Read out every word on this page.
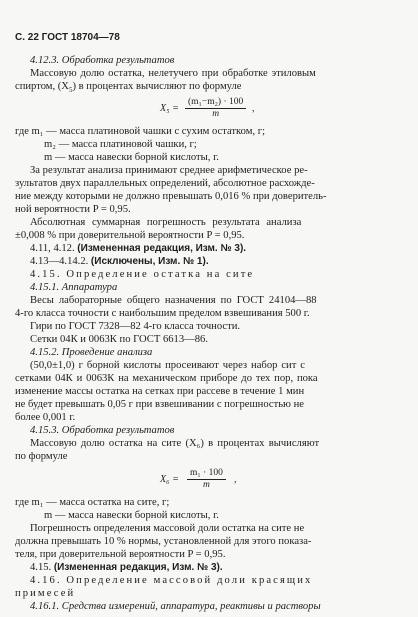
С. 22 ГОСТ 18704—78
4.12.3. Обработка результатов
Массовую долю остатка, нелетучего при обработке этиловым
спиртом, $(X_5)$ в процентах вычисляют по формуле
$X_5 = \frac{\text{(m₁−m₂) · 100}}{m}$ ,
где m₁ — масса платиновой чашки с сухим остатком, г;
m₂ — масса платиновой чашки, г;
m — масса навески борной кислоты, г.
За результат анализа принимают среднее арифметическое ре-
зультатов двух параллельных определений, абсолютное расхожде-
ние между которыми не должно превышать 0,016 % при доверитель-
ной вероятности P = 0,95.
Абсолютная суммарная погрешность результата анализа
±0,008 % при доверительной вероятности P = 0,95.
4.11, 4.12. (Измененная редакция, Изм. № 3).
4.13—4.14.2. (Исключены, Изм. № 1).
4.15. Определение остатка на сите
4.15.1. Аппаратура
Весы лабораторные общего назначения по ГОСТ 24104—88
4-го класса точности с наибольшим пределом взвешивания 500 г.
Гири по ГОСТ 7328—82 4-го класса точности.
Сетки 04К и 0063К по ГОСТ 6613—86.
4.15.2. Проведение анализа
(50,0±1,0) г борной кислоты просеивают через набор сит с
сетками 04К и 0063К на механическом приборе до тех пор, пока
изменение массы остатка на сетках при рассеве в течение 1 мин
не будет превышать 0,05 г при взвешивании с погрешностью не
более 0,001 г.
4.15.3. Обработка результатов
Массовую долю остатка на сите (X₆) в процентах вычисляют
по формуле
$X_6 = \frac{\text{m₁ · 100}}{m}$ ,
где m₁ — масса остатка на сите, г;
m — масса навески борной кислоты, г.
Погрешность определения массовой доли остатка на сите не
должна превышать 10 % нормы, установленной для этого показа-
теля, при доверительной вероятности P = 0,95.
4.15. (Измененная редакция, Изм. № 3).
4.16. Определение массовой доли красящих
примесей
4.16.1. Средства измерений, аппаратура, реактивы и растворы
